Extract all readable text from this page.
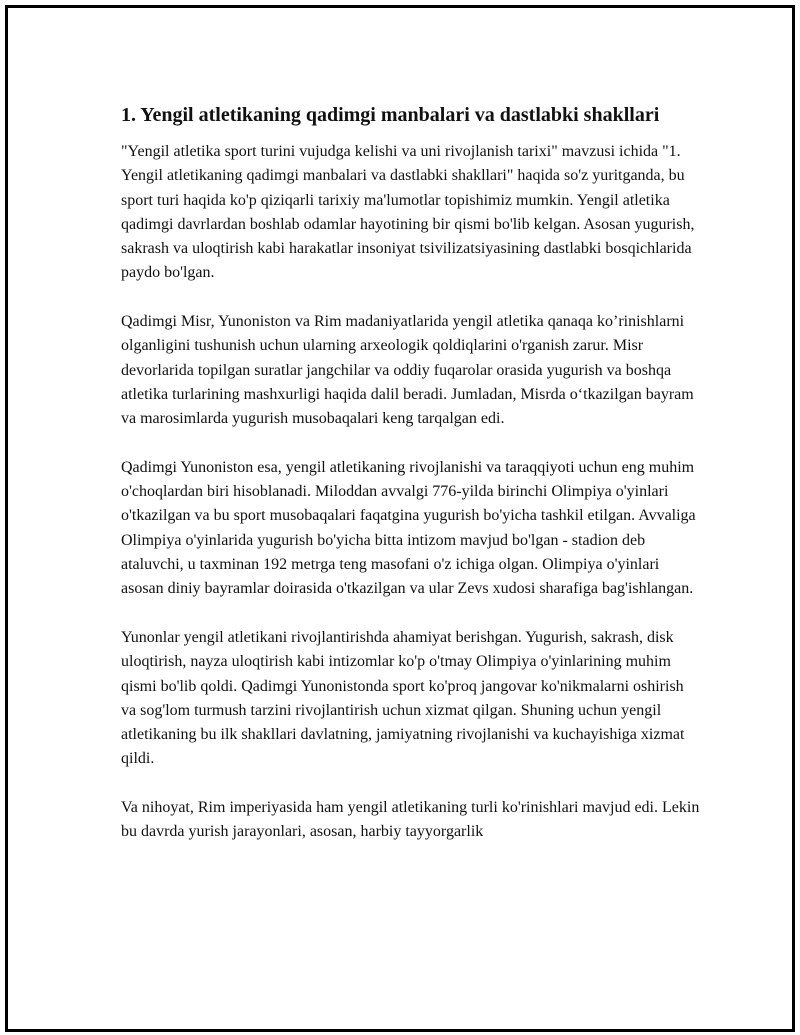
1. Yengil atletikaning qadimgi manbalari va dastlabki shakllari

"Yengil atletika sport turini vujudga kelishi va uni rivojlanish tarixi" mavzusi ichida "1. Yengil atletikaning qadimgi manbalari va dastlabki shakllari" haqida so'z yuritganda, bu sport turi haqida ko'p qiziqarli tarixiy ma'lumotlar topishimiz mumkin. Yengil atletika qadimgi davrlardan boshlab odamlar hayotining bir qismi bo'lib kelgan. Asosan yugurish, sakrash va uloqtirish kabi harakatlar insoniyat tsivilizatsiyasining dastlabki bosqichlarida paydo bo'lgan.

Qadimgi Misr, Yunoniston va Rim madaniyatlarida yengil atletika qanaqa ko’rinishlarni olganligini tushunish uchun ularning arxeologik qoldiqlarini o'rganish zarur. Misr devorlarida topilgan suratlar jangchilar va oddiy fuqarolar orasida yugurish va boshqa atletika turlarining mashxurligi haqida dalil beradi. Jumladan, Misrda o‘tkazilgan bayram va marosimlarda yugurish musobaqalari keng tarqalgan edi.

Qadimgi Yunoniston esa, yengil atletikaning rivojlanishi va taraqqiyoti uchun eng muhim o'choqlardan biri hisoblanadi. Miloddan avvalgi 776-yilda birinchi Olimpiya o'yinlari o'tkazilgan va bu sport musobaqalari faqatgina yugurish bo'yicha tashkil etilgan. Avvaliga Olimpiya o'yinlarida yugurish bo'yicha bitta intizom mavjud bo'lgan - stadion deb ataluvchi, u taxminan 192 metrga teng masofani o'z ichiga olgan. Olimpiya o'yinlari asosan diniy bayramlar doirasida o'tkazilgan va ular Zevs xudosi sharafiga bag'ishlangan.

Yunonlar yengil atletikani rivojlantirishda ahamiyat berishgan. Yugurish, sakrash, disk uloqtirish, nayza uloqtirish kabi intizomlar ko'p o'tmay Olimpiya o'yinlarining muhim qismi bo'lib qoldi. Qadimgi Yunonistonda sport ko'proq jangovar ko'nikmalarni oshirish va sog'lom turmush tarzini rivojlantirish uchun xizmat qilgan. Shuning uchun yengil atletikaning bu ilk shakllari davlatning, jamiyatning rivojlanishi va kuchayishiga xizmat qildi.

Va nihoyat, Rim imperiyasida ham yengil atletikaning turli ko'rinishlari mavjud edi. Lekin bu davrda yurish jarayonlari, asosan, harbiy tayyorgarlik
